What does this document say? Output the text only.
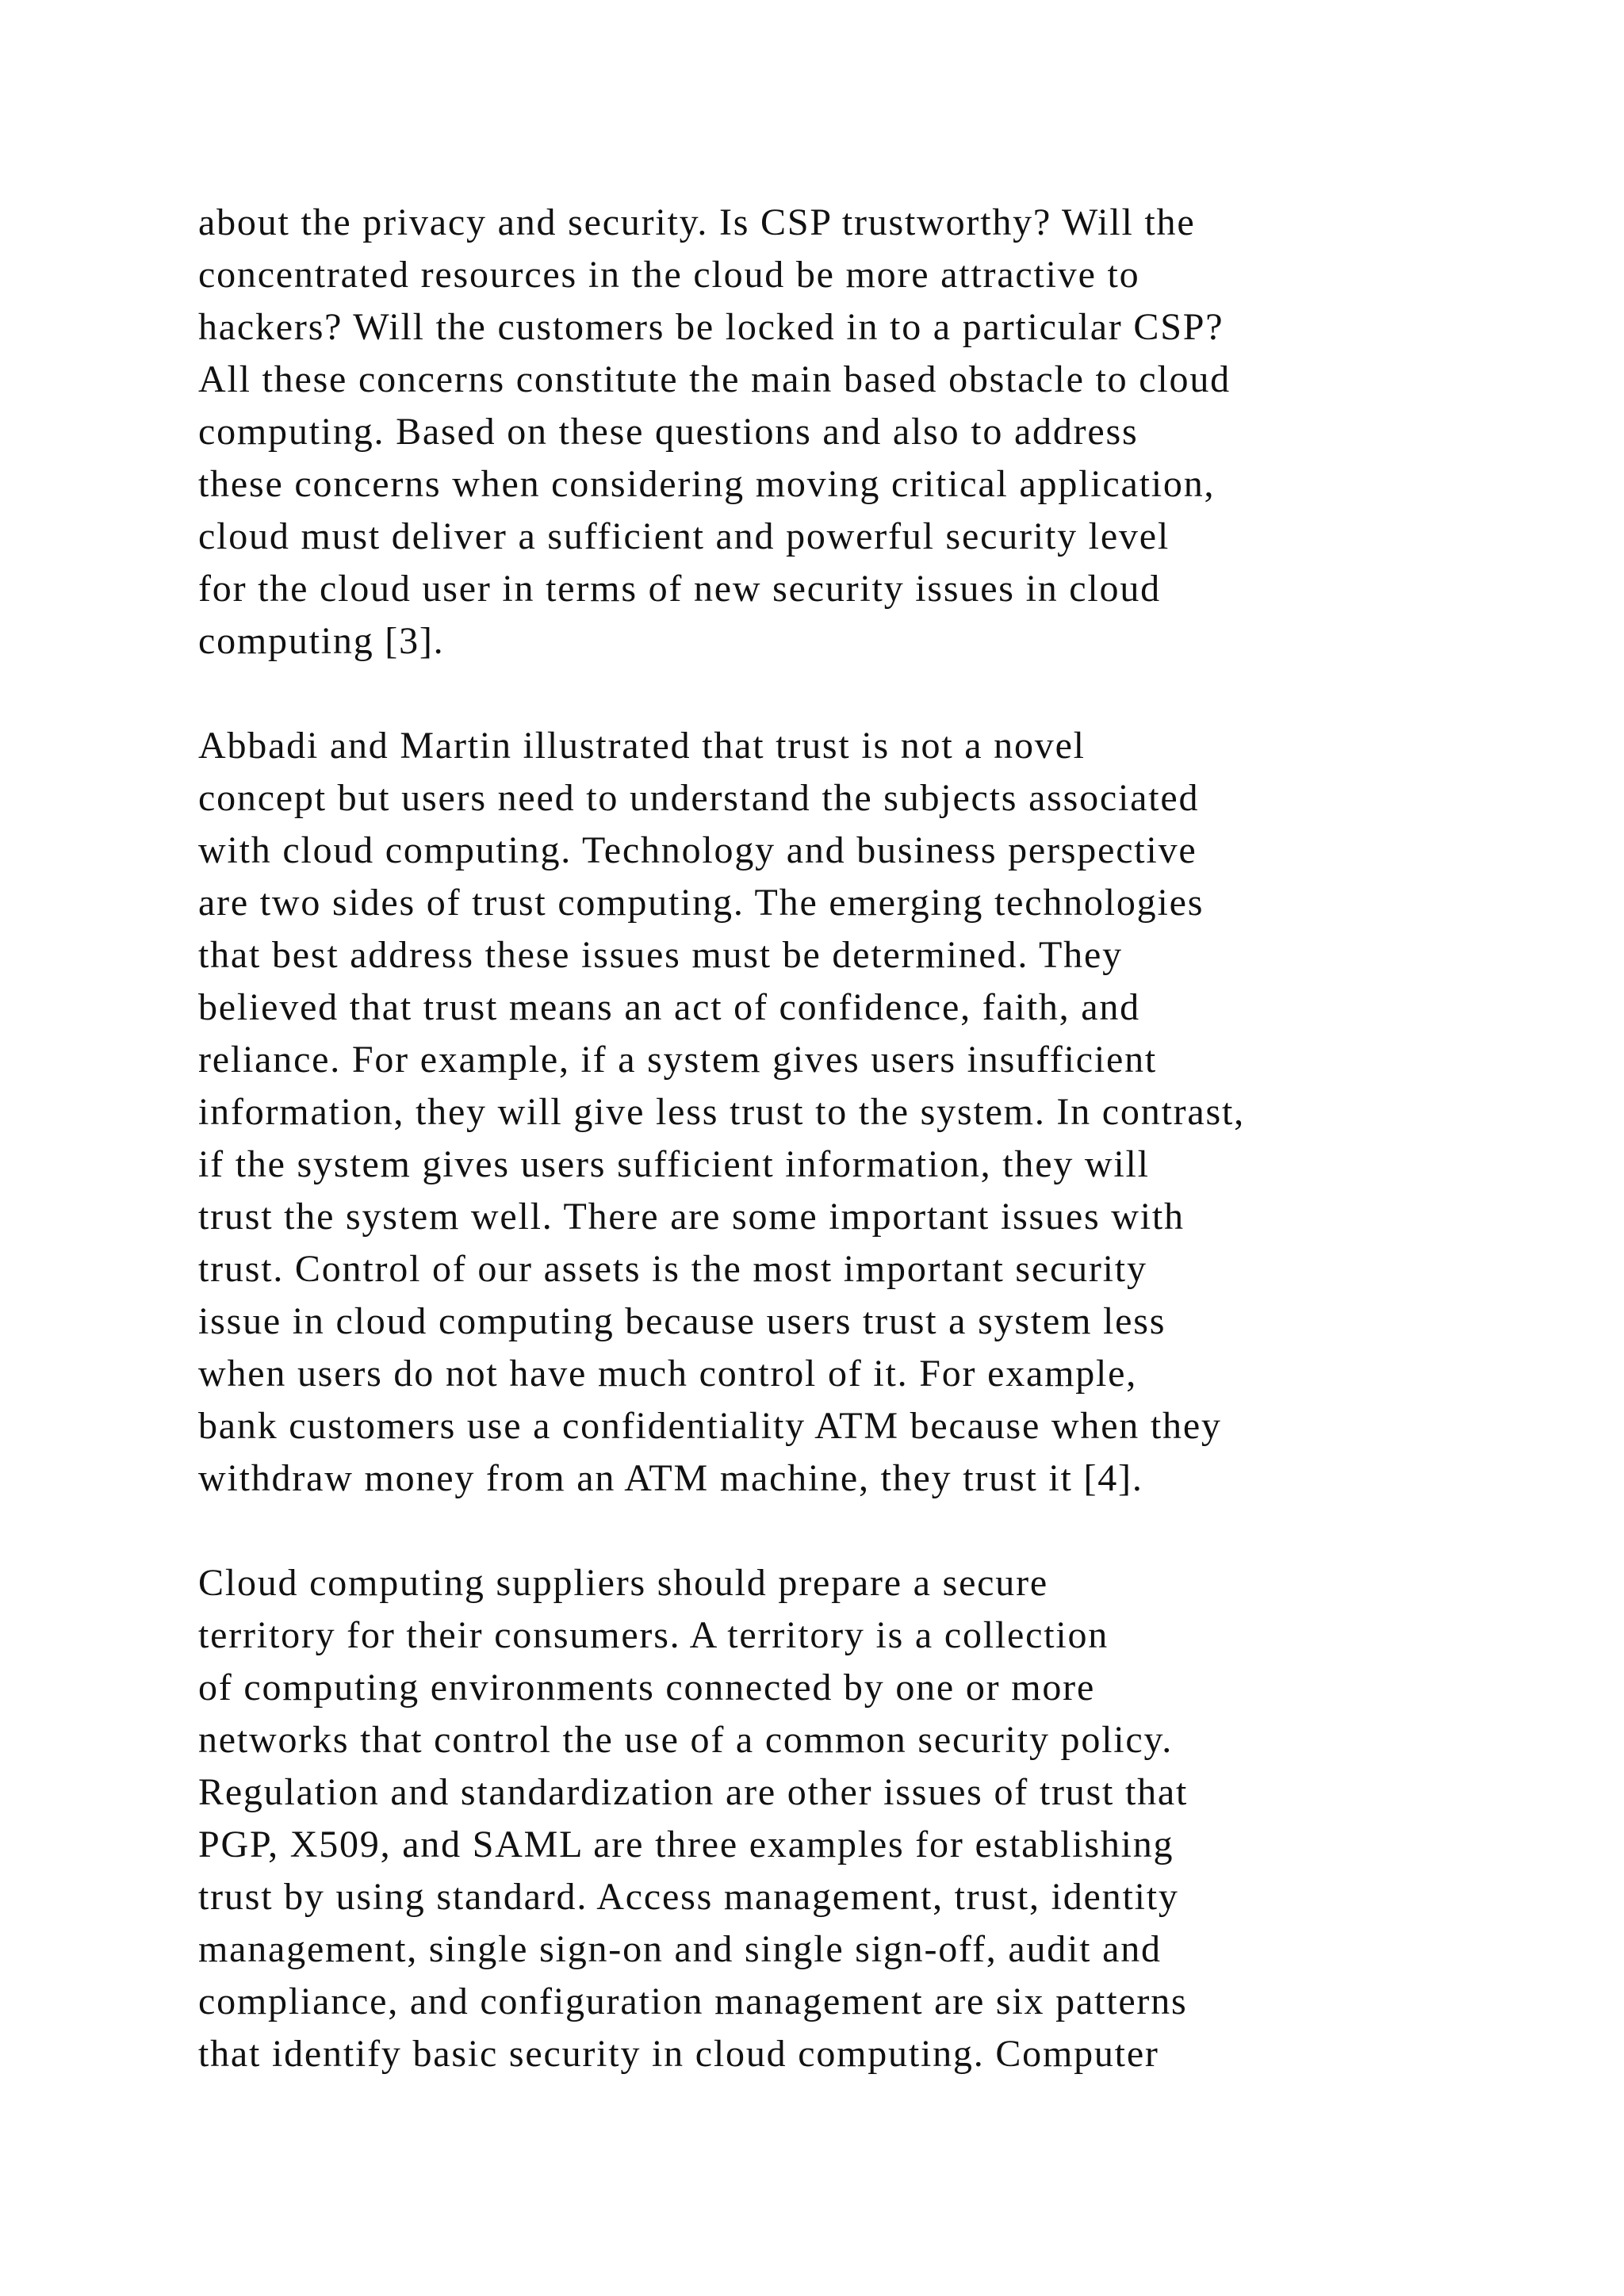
about the privacy and security. Is CSP trustworthy? Will the
concentrated resources in the cloud be more attractive to
hackers? Will the customers be locked in to a particular CSP?
All these concerns constitute the main based obstacle to cloud
computing. Based on these questions and also to address
these concerns when considering moving critical application,
cloud must deliver a sufficient and powerful security level
for the cloud user in terms of new security issues in cloud
computing [3].

Abbadi and Martin illustrated that trust is not a novel
concept but users need to understand the subjects associated
with cloud computing. Technology and business perspective
are two sides of trust computing. The emerging technologies
that best address these issues must be determined. They
believed that trust means an act of confidence, faith, and
reliance. For example, if a system gives users insufficient
information, they will give less trust to the system. In contrast,
if the system gives users sufficient information, they will
trust the system well. There are some important issues with
trust. Control of our assets is the most important security
issue in cloud computing because users trust a system less
when users do not have much control of it. For example,
bank customers use a confidentiality ATM because when they
withdraw money from an ATM machine, they trust it [4].

Cloud computing suppliers should prepare a secure
territory for their consumers. A territory is a collection
of computing environments connected by one or more
networks that control the use of a common security policy.
Regulation and standardization are other issues of trust that
PGP, X509, and SAML are three examples for establishing
trust by using standard. Access management, trust, identity
management, single sign-on and single sign-off, audit and
compliance, and configuration management are six patterns
that identify basic security in cloud computing. Computer
